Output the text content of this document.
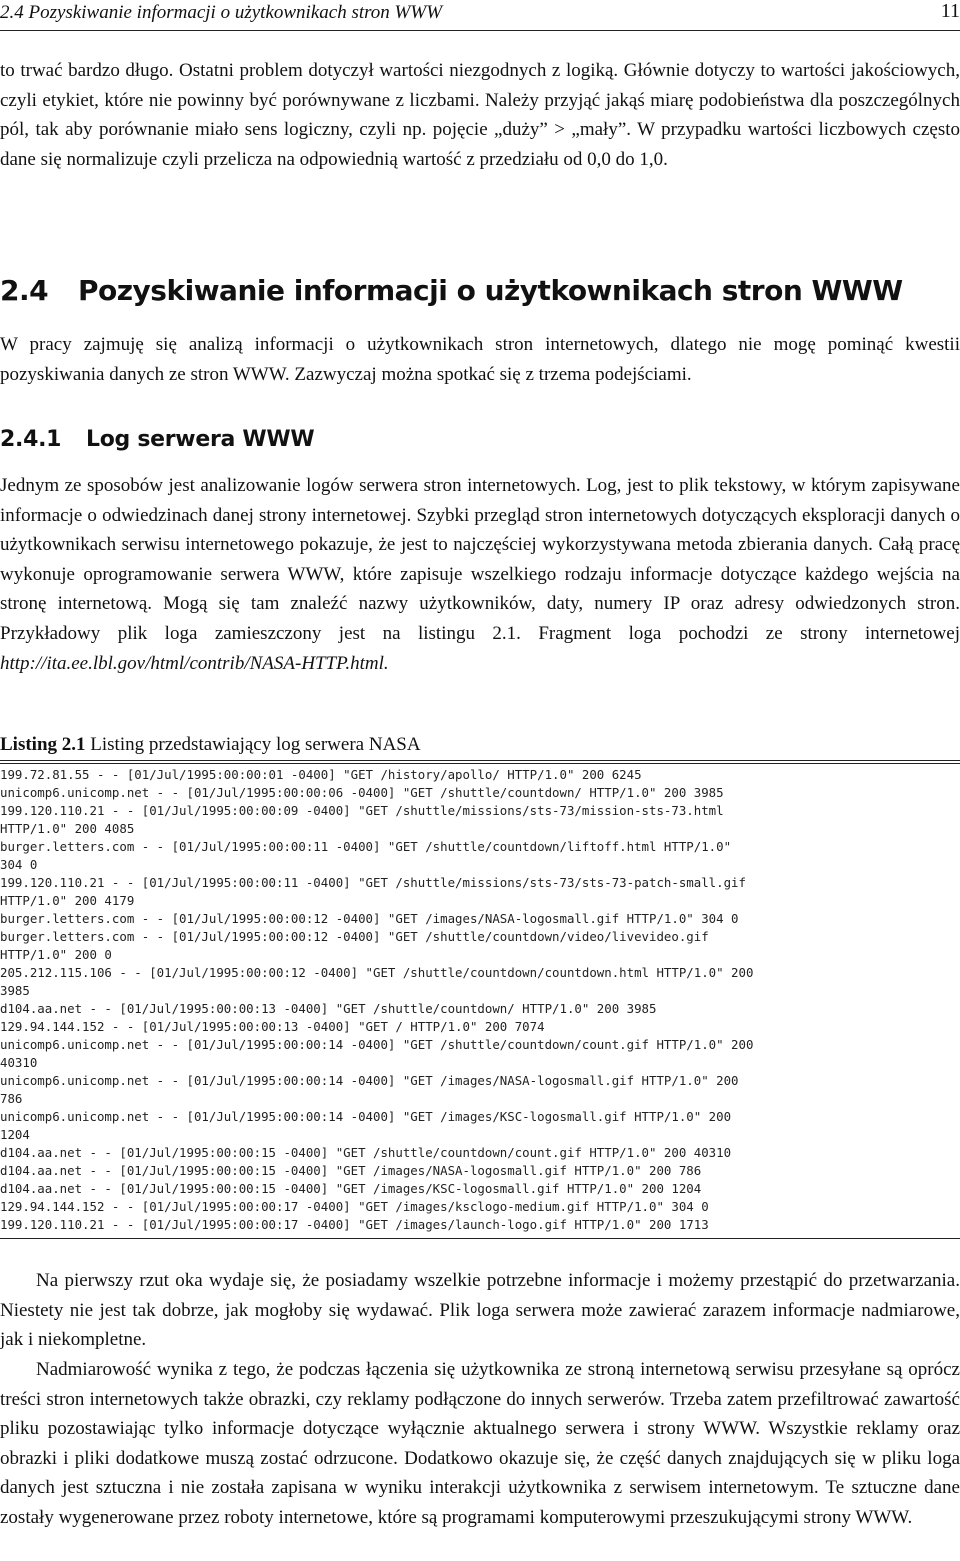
2.4 Pozyskiwanie informacji o użytkownikach stron WWW	11

to trwać bardzo długo. Ostatni problem dotyczył wartości niezgodnych z logiką. Głównie dotyczy to wartości jakościowych, czyli etykiet, które nie powinny być porównywane z liczbami. Należy przyjąć jakąś miarę podobieństwa dla poszczególnych pól, tak aby porównanie miało sens logiczny, czyli np. pojęcie „duży” > „mały”. W przypadku wartości liczbowych często dane się normalizuje czyli przelicza na odpowiednią wartość z przedziału od 0,0 do 1,0.

2.4 Pozyskiwanie informacji o użytkownikach stron WWW

W pracy zajmuję się analizą informacji o użytkownikach stron internetowych, dlatego nie mogę pominąć kwestii pozyskiwania danych ze stron WWW. Zazwyczaj można spotkać się z trzema podejściami.

2.4.1 Log serwera WWW

Jednym ze sposobów jest analizowanie logów serwera stron internetowych. Log, jest to plik tekstowy, w którym zapisywane informacje o odwiedzinach danej strony internetowej. Szybki przegląd stron internetowych dotyczących eksploracji danych o użytkownikach serwisu internetowego pokazuje, że jest to najczęściej wykorzystywana metoda zbierania danych. Całą pracę wykonuje oprogramowanie serwera WWW, które zapisuje wszelkiego rodzaju informacje dotyczące każdego wejścia na stronę internetową. Mogą się tam znaleźć nazwy użytkowników, daty, numery IP oraz adresy odwiedzonych stron. Przykładowy plik loga zamieszczony jest na listingu 2.1. Fragment loga pochodzi ze strony internetowej http://ita.ee.lbl.gov/html/contrib/NASA-HTTP.html.

Listing 2.1 Listing przedstawiający log serwera NASA
199.72.81.55 - - [01/Jul/1995:00:00:01 -0400] "GET /history/apollo/ HTTP/1.0" 200 6245
unicomp6.unicomp.net - - [01/Jul/1995:00:00:06 -0400] "GET /shuttle/countdown/ HTTP/1.0" 200 3985
199.120.110.21 - - [01/Jul/1995:00:00:09 -0400] "GET /shuttle/missions/sts-73/mission-sts-73.html
HTTP/1.0" 200 4085
burger.letters.com - - [01/Jul/1995:00:00:11 -0400] "GET /shuttle/countdown/liftoff.html HTTP/1.0"
304 0
199.120.110.21 - - [01/Jul/1995:00:00:11 -0400] "GET /shuttle/missions/sts-73/sts-73-patch-small.gif
HTTP/1.0" 200 4179
burger.letters.com - - [01/Jul/1995:00:00:12 -0400] "GET /images/NASA-logosmall.gif HTTP/1.0" 304 0
burger.letters.com - - [01/Jul/1995:00:00:12 -0400] "GET /shuttle/countdown/video/livevideo.gif
HTTP/1.0" 200 0
205.212.115.106 - - [01/Jul/1995:00:00:12 -0400] "GET /shuttle/countdown/countdown.html HTTP/1.0" 200
3985
d104.aa.net - - [01/Jul/1995:00:00:13 -0400] "GET /shuttle/countdown/ HTTP/1.0" 200 3985
129.94.144.152 - - [01/Jul/1995:00:00:13 -0400] "GET / HTTP/1.0" 200 7074
unicomp6.unicomp.net - - [01/Jul/1995:00:00:14 -0400] "GET /shuttle/countdown/count.gif HTTP/1.0" 200
40310
unicomp6.unicomp.net - - [01/Jul/1995:00:00:14 -0400] "GET /images/NASA-logosmall.gif HTTP/1.0" 200
786
unicomp6.unicomp.net - - [01/Jul/1995:00:00:14 -0400] "GET /images/KSC-logosmall.gif HTTP/1.0" 200
1204
d104.aa.net - - [01/Jul/1995:00:00:15 -0400] "GET /shuttle/countdown/count.gif HTTP/1.0" 200 40310
d104.aa.net - - [01/Jul/1995:00:00:15 -0400] "GET /images/NASA-logosmall.gif HTTP/1.0" 200 786
d104.aa.net - - [01/Jul/1995:00:00:15 -0400] "GET /images/KSC-logosmall.gif HTTP/1.0" 200 1204
129.94.144.152 - - [01/Jul/1995:00:00:17 -0400] "GET /images/ksclogo-medium.gif HTTP/1.0" 304 0
199.120.110.21 - - [01/Jul/1995:00:00:17 -0400] "GET /images/launch-logo.gif HTTP/1.0" 200 1713

Na pierwszy rzut oka wydaje się, że posiadamy wszelkie potrzebne informacje i możemy przestąpić do przetwarzania. Niestety nie jest tak dobrze, jak mogłoby się wydawać. Plik loga serwera może zawierać zarazem informacje nadmiarowe, jak i niekompletne.

Nadmiarowość wynika z tego, że podczas łączenia się użytkownika ze stroną internetową serwisu przesyłane są oprócz treści stron internetowych także obrazki, czy reklamy podłączone do innych serwerów. Trzeba zatem przefiltrować zawartość pliku pozostawiając tylko informacje dotyczące wyłącznie aktualnego serwera i strony WWW. Wszystkie reklamy oraz obrazki i pliki dodatkowe muszą zostać odrzucone. Dodatkowo okazuje się, że część danych znajdujących się w pliku loga danych jest sztuczna i nie została zapisana w wyniku interakcji użytkownika z serwisem internetowym. Te sztuczne dane zostały wygenerowane przez roboty internetowe, które są programami komputerowymi przeszukującymi strony WWW.
